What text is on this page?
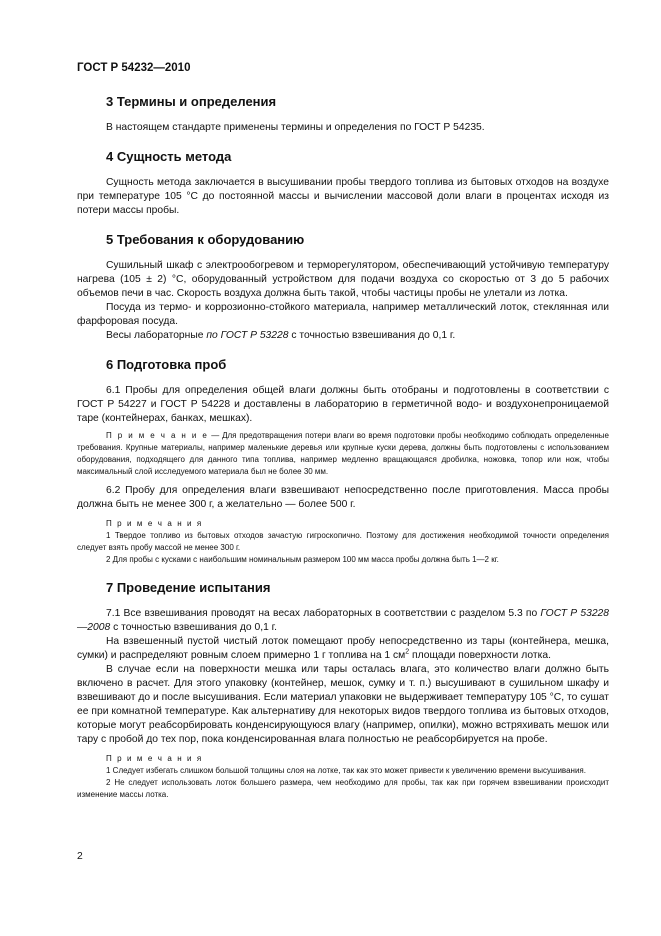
ГОСТ Р 54232—2010
3 Термины и определения

В настоящем стандарте применены термины и определения по ГОСТ Р 54235.

4 Сущность метода

Сущность метода заключается в высушивании пробы твердого топлива из бытовых отходов на воздухе при температуре 105 °С до постоянной массы и вычислении массовой доли влаги в процентах исходя из потери массы пробы.

5 Требования к оборудованию

Сушильный шкаф с электрообогревом и терморегулятором, обеспечивающий устойчивую температуру нагрева (105 ± 2) °С, оборудованный устройством для подачи воздуха со скоростью от 3 до 5 рабочих объемов печи в час. Скорость воздуха должна быть такой, чтобы частицы пробы не улетали из лотка.

Посуда из термо- и коррозионно-стойкого материала, например металлический лоток, стеклянная или фарфоровая посуда.

Весы лабораторные по ГОСТ Р 53228 с точностью взвешивания до 0,1 г.

6 Подготовка проб

6.1 Пробы для определения общей влаги должны быть отобраны и подготовлены в соответствии с ГОСТ Р 54227 и ГОСТ Р 54228 и доставлены в лабораторию в герметичной водо- и воздухонепроницаемой таре (контейнерах, банках, мешках).

П р и м е ч а н и е — Для предотвращения потери влаги во время подготовки пробы необходимо соблюдать определенные требования. Крупные материалы, например маленькие деревья или крупные куски дерева, должны быть подготовлены с использованием оборудования, подходящего для данного типа топлива, например медленно вращающаяся дробилка, ножовка, топор или нож, чтобы максимальный слой исследуемого материала был не более 30 мм.

6.2 Пробу для определения влаги взвешивают непосредственно после приготовления. Масса пробы должна быть не менее 300 г, а желательно — более 500 г.

П р и м е ч а н и я

1 Твердое топливо из бытовых отходов зачастую гигроскопично. Поэтому для достижения необходимой точности определения следует взять пробу массой не менее 300 г.

2 Для пробы с кусками с наибольшим номинальным размером 100 мм масса пробы должна быть 1—2 кг.

7 Проведение испытания

7.1 Все взвешивания проводят на весах лабораторных в соответствии с разделом 5.3 по ГОСТ Р 53228—2008 с точностью взвешивания до 0,1 г.

На взвешенный пустой чистый лоток помещают пробу непосредственно из тары (контейнера, мешка, сумки) и распределяют ровным слоем примерно 1 г топлива на 1 $см^2$ площади поверхности лотка.

В случае если на поверхности мешка или тары осталась влага, это количество влаги должно быть включено в расчет. Для этого упаковку (контейнер, мешок, сумку и т. п.) высушивают в сушильном шкафу и взвешивают до и после высушивания. Если материал упаковки не выдерживает температуру 105 °С, то сушат ее при комнатной температуре. Как альтернативу для некоторых видов твердого топлива из бытовых отходов, которые могут реабсорбировать конденсирующуюся влагу (например, опилки), можно встряхивать мешок или тару с пробой до тех пор, пока конденсированная влага полностью не реабсорбируется на пробе.

П р и м е ч а н и я

1 Следует избегать слишком большой толщины слоя на лотке, так как это может привести к увеличению времени высушивания.

2 Не следует использовать лоток большего размера, чем необходимо для пробы, так как при горячем взвешивании происходит изменение массы лотка.

2
